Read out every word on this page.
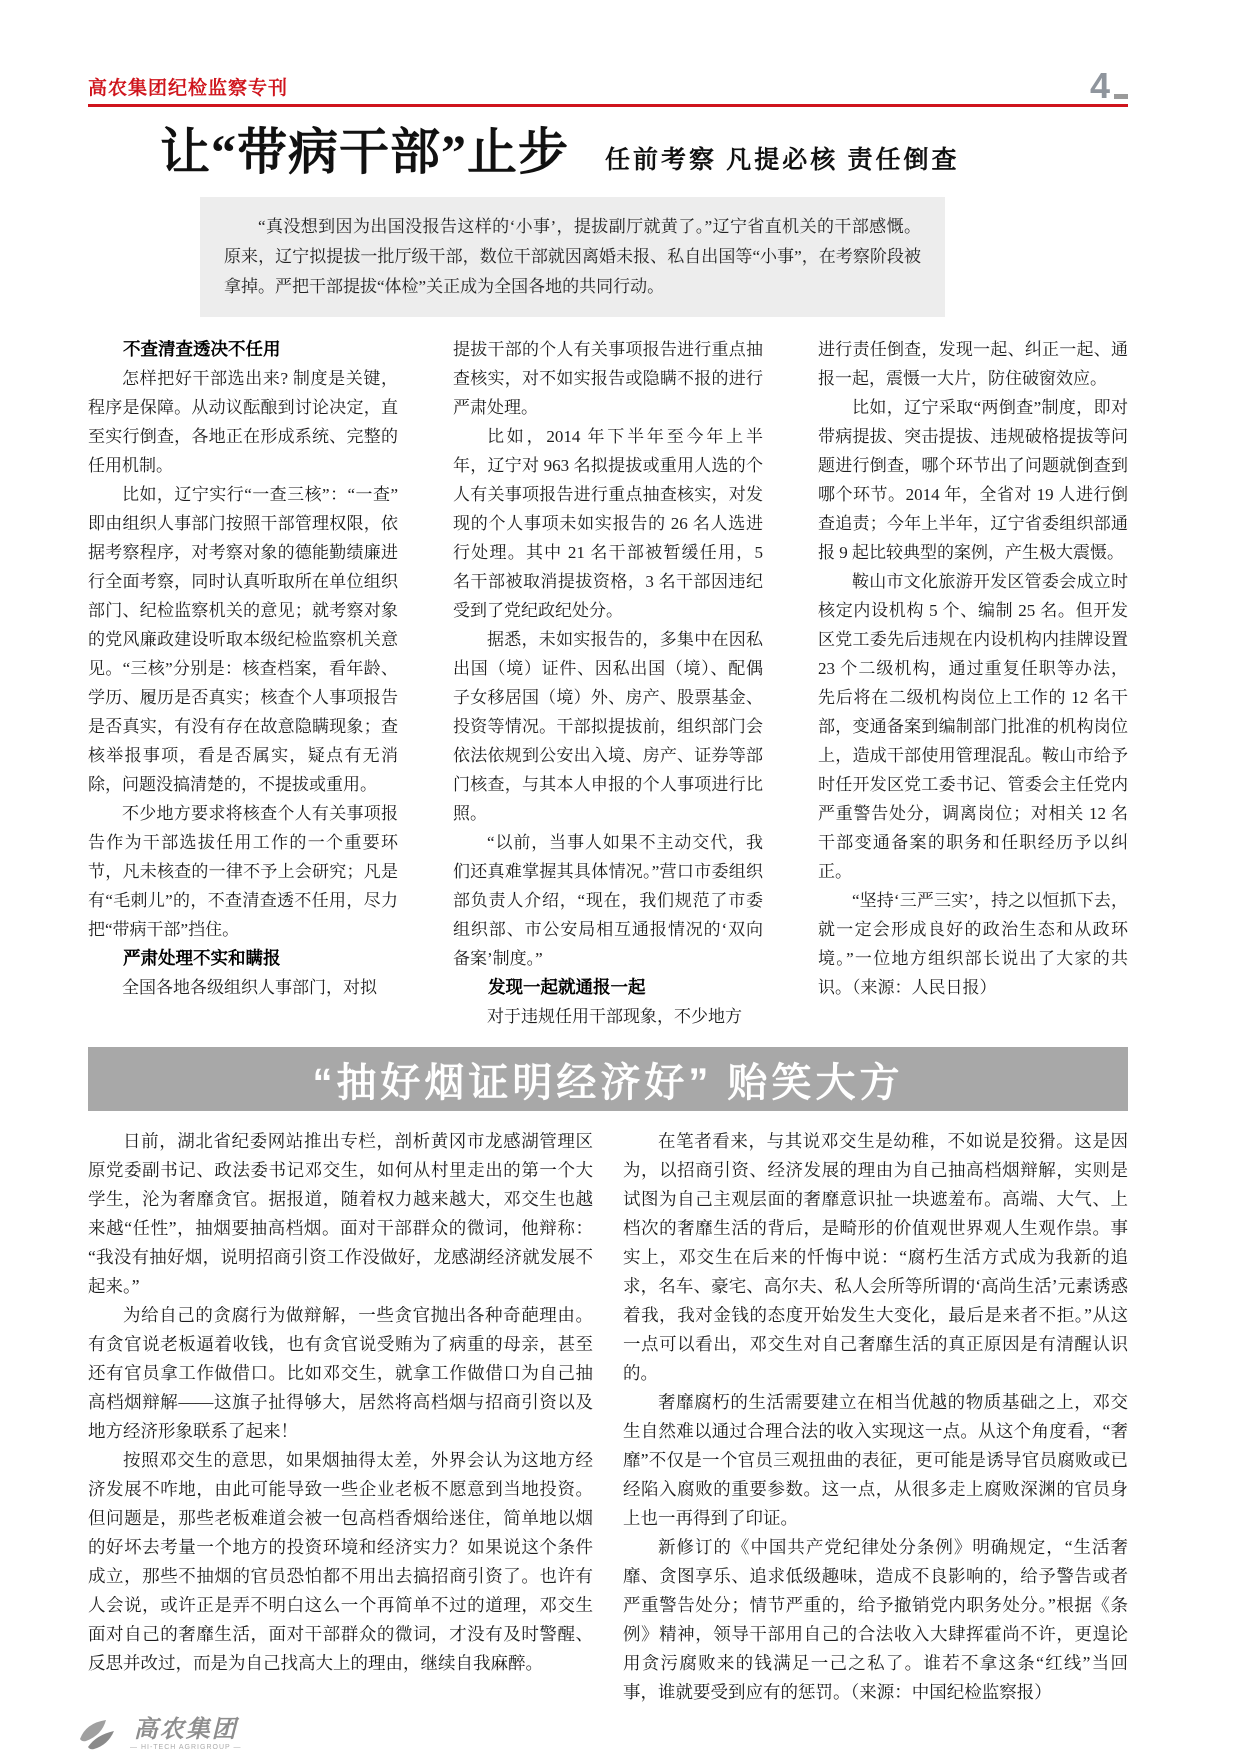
高农集团纪检监察专刊	4
让“带病干部”止步 任前考察 凡提必核 责任倒查
“真没想到因为出国没报告这样的‘小事’，提拔副厅就黄了。”辽宁省直机关的干部感慨。原来，辽宁拟提拔一批厅级干部，数位干部就因离婚未报、私自出国等“小事”，在考察阶段被拿掉。严把干部提拔“体检”关正成为全国各地的共同行动。

不查清查透决不任用

怎样把好干部选出来? 制度是关键，程序是保障。从动议酝酿到讨论决定，直至实行倒查，各地正在形成系统、完整的任用机制。

比如，辽宁实行“一查三核”：“一查”即由组织人事部门按照干部管理权限，依据考察程序，对考察对象的德能勤绩廉进行全面考察，同时认真听取所在单位组织部门、纪检监察机关的意见；就考察对象的党风廉政建设听取本级纪检监察机关意见。“三核”分别是：核查档案，看年龄、学历、履历是否真实；核查个人事项报告是否真实，有没有存在故意隐瞒现象；查核举报事项，看是否属实，疑点有无消除，问题没搞清楚的，不提拔或重用。

不少地方要求将核查个人有关事项报告作为干部选拔任用工作的一个重要环节，凡未核查的一律不予上会研究；凡是有“毛刺儿”的，不查清查透不任用，尽力把“带病干部”挡住。

严肃处理不实和瞒报

全国各地各级组织人事部门，对拟

提拔干部的个人有关事项报告进行重点抽查核实，对不如实报告或隐瞒不报的进行严肃处理。

比如，2014 年下半年至今年上半年，辽宁对 963 名拟提拔或重用人选的个人有关事项报告进行重点抽查核实，对发现的个人事项未如实报告的 26 名人选进行处理。其中 21 名干部被暂缓任用，5 名干部被取消提拔资格，3 名干部因违纪受到了党纪政纪处分。

据悉，未如实报告的，多集中在因私出国（境）证件、因私出国（境）、配偶子女移居国（境）外、房产、股票基金、投资等情况。干部拟提拔前，组织部门会依法依规到公安出入境、房产、证券等部门核查，与其本人申报的个人事项进行比照。

“以前，当事人如果不主动交代，我们还真难掌握其具体情况。”营口市委组织部负责人介绍，“现在，我们规范了市委组织部、市公安局相互通报情况的‘双向备案’制度。”

发现一起就通报一起

对于违规任用干部现象，不少地方

进行责任倒查，发现一起、纠正一起、通报一起，震慑一大片，防住破窗效应。

比如，辽宁采取“两倒查”制度，即对带病提拔、突击提拔、违规破格提拔等问题进行倒查，哪个环节出了问题就倒查到哪个环节。2014 年，全省对 19 人进行倒查追责；今年上半年，辽宁省委组织部通报 9 起比较典型的案例，产生极大震慑。

鞍山市文化旅游开发区管委会成立时核定内设机构 5 个、编制 25 名。但开发区党工委先后违规在内设机构内挂牌设置 23 个二级机构，通过重复任职等办法，先后将在二级机构岗位上工作的 12 名干部，变通备案到编制部门批准的机构岗位上，造成干部使用管理混乱。鞍山市给予时任开发区党工委书记、管委会主任党内严重警告处分，调离岗位；对相关 12 名干部变通备案的职务和任职经历予以纠正。

“坚持‘三严三实’，持之以恒抓下去，就一定会形成良好的政治生态和从政环境。”一位地方组织部长说出了大家的共识。（来源：人民日报）

“抽好烟证明经济好” 贻笑大方

日前，湖北省纪委网站推出专栏，剖析黄冈市龙感湖管理区原党委副书记、政法委书记邓交生，如何从村里走出的第一个大学生，沦为奢靡贪官。据报道，随着权力越来越大，邓交生也越来越“任性”，抽烟要抽高档烟。面对干部群众的微词，他辩称：“我没有抽好烟，说明招商引资工作没做好，龙感湖经济就发展不起来。”

为给自己的贪腐行为做辩解，一些贪官抛出各种奇葩理由。有贪官说老板逼着收钱，也有贪官说受贿为了病重的母亲，甚至还有官员拿工作做借口。比如邓交生，就拿工作做借口为自己抽高档烟辩解——这旗子扯得够大，居然将高档烟与招商引资以及地方经济形象联系了起来！

按照邓交生的意思，如果烟抽得太差，外界会认为这地方经济发展不咋地，由此可能导致一些企业老板不愿意到当地投资。但问题是，那些老板难道会被一包高档香烟给迷住，简单地以烟的好坏去考量一个地方的投资环境和经济实力？如果说这个条件成立，那些不抽烟的官员恐怕都不用出去搞招商引资了。也许有人会说，或许正是弄不明白这么一个再简单不过的道理，邓交生面对自己的奢靡生活，面对干部群众的微词，才没有及时警醒、反思并改过，而是为自己找高大上的理由，继续自我麻醉。

在笔者看来，与其说邓交生是幼稚，不如说是狡猾。这是因为，以招商引资、经济发展的理由为自己抽高档烟辩解，实则是试图为自己主观层面的奢靡意识扯一块遮羞布。高端、大气、上档次的奢靡生活的背后，是畸形的价值观世界观人生观作祟。事实上，邓交生在后来的忏悔中说：“腐朽生活方式成为我新的追求，名车、豪宅、高尔夫、私人会所等所谓的‘高尚生活’元素诱惑着我，我对金钱的态度开始发生大变化，最后是来者不拒。”从这一点可以看出，邓交生对自己奢靡生活的真正原因是有清醒认识的。

奢靡腐朽的生活需要建立在相当优越的物质基础之上，邓交生自然难以通过合理合法的收入实现这一点。从这个角度看，“奢靡”不仅是一个官员三观扭曲的表征，更可能是诱导官员腐败或已经陷入腐败的重要参数。这一点，从很多走上腐败深渊的官员身上也一再得到了印证。

新修订的《中国共产党纪律处分条例》明确规定，“生活奢靡、贪图享乐、追求低级趣味，造成不良影响的，给予警告或者严重警告处分；情节严重的，给予撤销党内职务处分。”根据《条例》精神，领导干部用自己的合法收入大肆挥霍尚不许，更遑论用贪污腐败来的钱满足一己之私了。谁若不拿这条“红线”当回事，谁就要受到应有的惩罚。（来源：中国纪检监察报）

高农集团
— HI-TECH AGRIGROUP —
